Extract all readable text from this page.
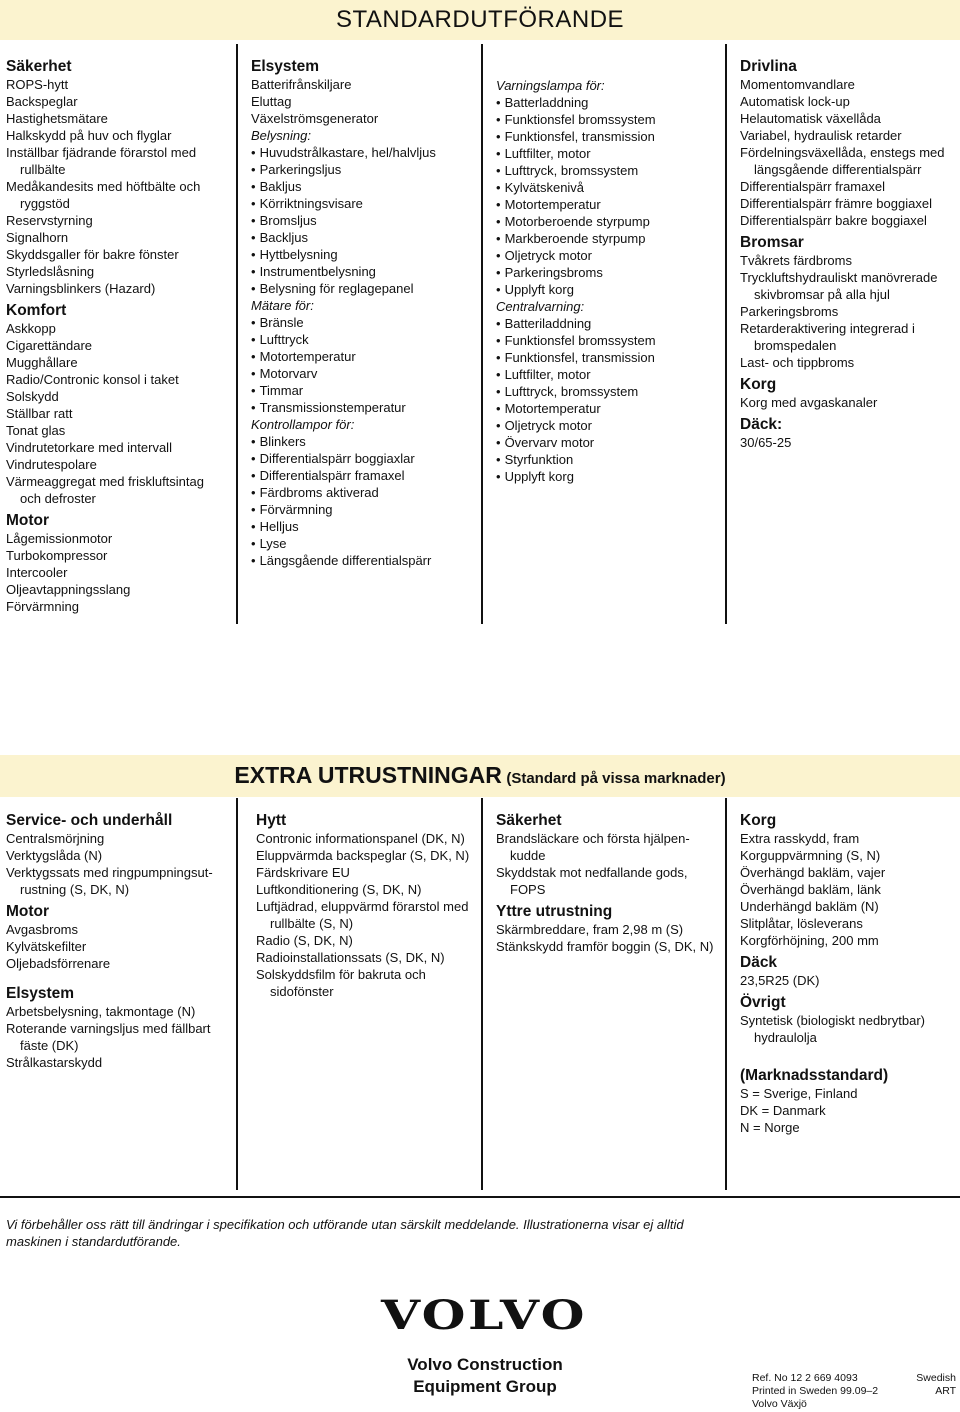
STANDARDUTFÖRANDE
Säkerhet
ROPS-hytt
Backspeglar
Hastighetsmätare
Halkskydd på huv och flyglar
Inställbar fjädrande förarstol med rullbälte
Medåkandesits med höftbälte och ryggstöd
Reservstyrning
Signalhorn
Skyddsgaller för bakre fönster
Styrledslåsning
Varningsblinkers (Hazard)
Komfort
Askkopp
Cigarettändare
Mugghållare
Radio/Contronic konsol i taket
Solskydd
Ställbar ratt
Tonat glas
Vindrutetorkare med intervall
Vindrutespolare
Värmeaggregat med friskluftsintag och defroster
Motor
Lågemissionmotor
Turbokompressor
Intercooler
Oljeavtappningsslang
Förvärmning
Elsystem
Batterifrånskiljare
Eluttag
Växelströmsgenerator
Belysning:
• Huvudstrålkastare, hel/halvljus
• Parkeringsljus
• Bakljus
• Körriktningsvisare
• Bromsljus
• Backljus
• Hyttbelysning
• Instrumentbelysning
• Belysning för reglagepanel
Mätare för:
• Bränsle
• Lufttryck
• Motortemperatur
• Motorvarv
• Timmar
• Transmissionstemperatur
Kontrollampor för:
• Blinkers
• Differentialspärr boggiaxlar
• Differentialspärr framaxel
• Färdbroms aktiverad
• Förvärmning
• Helljus
• Lyse
• Längsgående differentialspärr
Varningslampa för:
• Batterladdning
• Funktionsfel bromssystem
• Funktionsfel, transmission
• Luftfilter, motor
• Lufttryck, bromssystem
• Kylvätskenivå
• Motortemperatur
• Motorberoende styrpump
• Markberoende styrpump
• Oljetryck motor
• Parkeringsbroms
• Upplyft korg
Centralvarning:
• Batteriladdning
• Funktionsfel bromssystem
• Funktionsfel, transmission
• Luftfilter, motor
• Lufttryck, bromssystem
• Motortemperatur
• Oljetryck motor
• Övervarv motor
• Styrfunktion
• Upplyft korg
Drivlina
Momentomvandlare
Automatisk lock-up
Helautomatisk växellåda
Variabel, hydraulisk retarder
Fördelningsväxellåda, enstegs med längsgående differentialspärr
Differentialspärr framaxel
Differentialspärr främre boggiaxel
Differentialspärr bakre boggiaxel
Bromsar
Tvåkrets färdbroms
Tryckluftshydrauliskt manövrerade skivbromsar på alla hjul
Parkeringsbroms
Retarderaktivering integrerad i bromspedalen
Last- och tippbroms
Korg
Korg med avgaskanaler
Däck:
30/65-25
EXTRA UTRUSTNINGAR (Standard på vissa marknader)
Service- och underhåll
Centralsmörjning
Verktygslåda (N)
Verktygssats med ringpumpningsut-rustning (S, DK, N)
Motor
Avgasbroms
Kylvätskefilter
Oljebadsförrenare
Elsystem
Arbetsbelysning, takmontage (N)
Roterande varningsljus med fällbart fäste (DK)
Strålkastarskydd
Hytt
Contronic informationspanel (DK, N)
Eluppvärmda backspeglar (S, DK, N)
Färdskrivare EU
Luftkonditionering (S, DK, N)
Luftjädrad, eluppvärmd förarstol med rullbälte (S, N)
Radio (S, DK, N)
Radioinstallationssats (S, DK, N)
Solskyddsfilm för bakruta och sidofönster
Säkerhet
Brandsläckare och första hjälpen-kudde
Skyddstak mot nedfallande gods, FOPS
Yttre utrustning
Skärmbreddare, fram 2,98 m (S)
Stänkskydd framför boggin (S, DK, N)
Korg
Extra rasskydd, fram
Korguppvärmning (S, N)
Överhängd bakläm, vajer
Överhängd bakläm, länk
Underhängd bakläm (N)
Slitplåtar, lösleverans
Korgförhöjning, 200 mm
Däck
23,5R25 (DK)
Övrigt
Syntetisk (biologiskt nedbrytbar) hydraulolja
(Marknadsstandard)
S = Sverige, Finland
DK = Danmark
N = Norge
Vi förbehåller oss rätt till ändringar i specifikation och utförande utan särskilt meddelande. Illustrationerna visar ej alltid maskinen i standardutförande.
VOLVO
Volvo Construction
Equipment Group	Ref. No 12 2 669 4093	Swedish
Printed in Sweden 99.09–2	ART
Volvo Växjö
